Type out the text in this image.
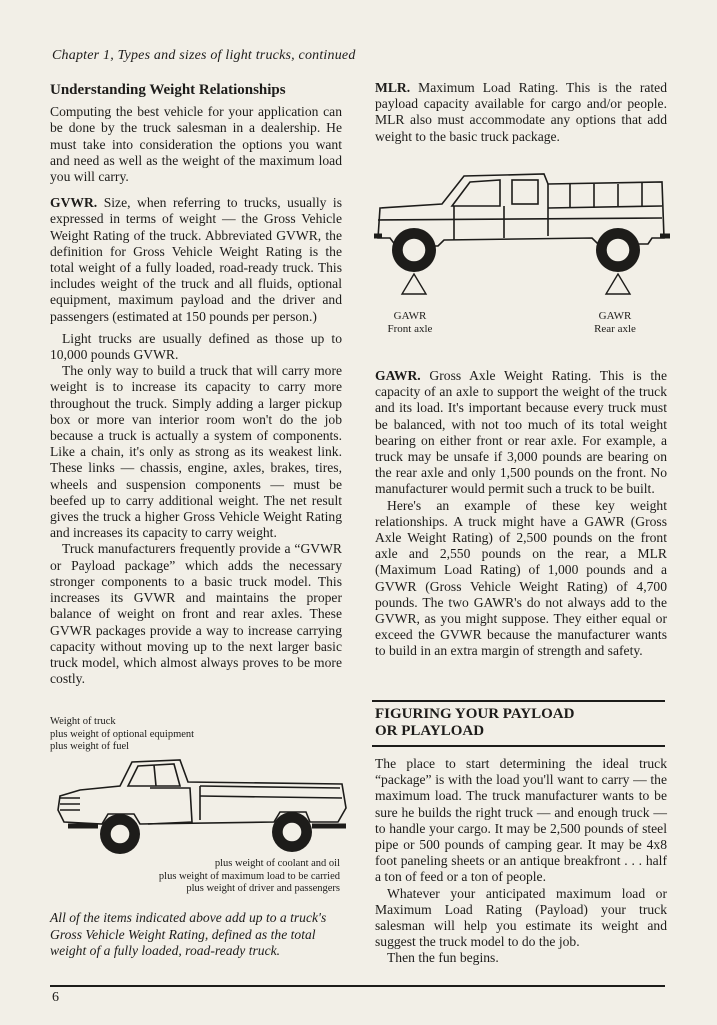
Chapter 1, Types and sizes of light trucks, continued
Understanding Weight Relationships

Computing the best vehicle for your application can be done by the truck salesman in a dealership. He must take into consideration the options you want and need as well as the weight of the maximum load you will carry.

GVWR. Size, when referring to trucks, usually is expressed in terms of weight — the Gross Vehicle Weight Rating of the truck. Abbreviated GVWR, the definition for Gross Vehicle Weight Rating is the total weight of a fully loaded, road-ready truck. This includes weight of the truck and all fluids, optional equipment, maximum payload and the driver and passengers (estimated at 150 pounds per person.)

Light trucks are usually defined as those up to 10,000 pounds GVWR.

The only way to build a truck that will carry more weight is to increase its capacity to carry more throughout the truck. Simply adding a larger pickup box or more van interior room won't do the job because a truck is actually a system of components. Like a chain, it's only as strong as its weakest link. These links — chassis, engine, axles, brakes, tires, wheels and suspension components — must be beefed up to carry additional weight. The net result gives the truck a higher Gross Vehicle Weight Rating and increases its capacity to carry weight.

Truck manufacturers frequently provide a “GVWR or Payload package” which adds the necessary stronger components to a basic truck model. This increases its GVWR and maintains the proper balance of weight on front and rear axles. These GVWR packages provide a way to increase carrying capacity without moving up to the next larger basic truck model, which almost always proves to be more costly.

Weight of truck
plus weight of optional equipment
plus weight of fuel
plus weight of coolant and oil
plus weight of maximum load to be carried
plus weight of driver and passengers
All of the items indicated above add up to a truck's Gross Vehicle Weight Rating, defined as the total weight of a fully loaded, road-ready truck.

MLR. Maximum Load Rating. This is the rated payload capacity available for cargo and/or people. MLR also must accommodate any options that add weight to the basic truck package.

GAWR
Front axle
GAWR
Rear axle

GAWR. Gross Axle Weight Rating. This is the capacity of an axle to support the weight of the truck and its load. It's important because every truck must be balanced, with not too much of its total weight bearing on either front or rear axle. For example, a truck may be unsafe if 3,000 pounds are bearing on the rear axle and only 1,500 pounds on the front. No manufacturer would permit such a truck to be built.

Here's an example of these key weight relationships. A truck might have a GAWR (Gross Axle Weight Rating) of 2,500 pounds on the front axle and 2,550 pounds on the rear, a MLR (Maximum Load Rating) of 1,000 pounds and a GVWR (Gross Vehicle Weight Rating) of 4,700 pounds. The two GAWR's do not always add to the GVWR, as you might suppose. They either equal or exceed the GVWR because the manufacturer wants to build in an extra margin of strength and safety.

FIGURING YOUR PAYLOAD
OR PLAYLOAD

The place to start determining the ideal truck “package” is with the load you'll want to carry — the maximum load. The truck manufacturer wants to be sure he builds the right truck — and enough truck — to handle your cargo. It may be 2,500 pounds of steel pipe or 500 pounds of camping gear. It may be 4x8 foot paneling sheets or an antique breakfront . . . half a ton of feed or a ton of people.

Whatever your anticipated maximum load or Maximum Load Rating (Payload) your truck salesman will help you estimate its weight and suggest the truck model to do the job.

Then the fun begins.

6
